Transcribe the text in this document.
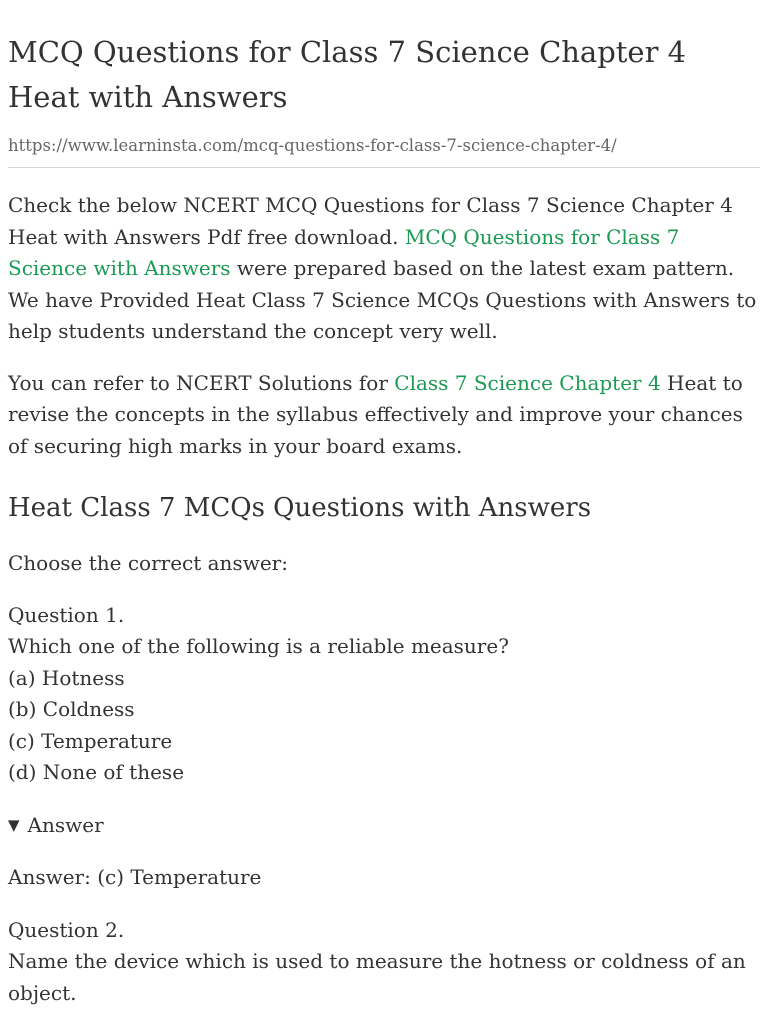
MCQ Questions for Class 7 Science Chapter 4 Heat with Answers
https://www.learninsta.com/mcq-questions-for-class-7-science-chapter-4/

Check the below NCERT MCQ Questions for Class 7 Science Chapter 4 Heat with Answers Pdf free download. MCQ Questions for Class 7 Science with Answers were prepared based on the latest exam pattern. We have Provided Heat Class 7 Science MCQs Questions with Answers to help students understand the concept very well.

You can refer to NCERT Solutions for Class 7 Science Chapter 4 Heat to revise the concepts in the syllabus effectively and improve your chances of securing high marks in your board exams.

Heat Class 7 MCQs Questions with Answers

Choose the correct answer:

Question 1.

Which one of the following is a reliable measure?

(a) Hotness

(b) Coldness

(c) Temperature

(d) None of these

▼ Answer

Answer: (c) Temperature

Question 2.

Name the device which is used to measure the hotness or coldness of an object.
